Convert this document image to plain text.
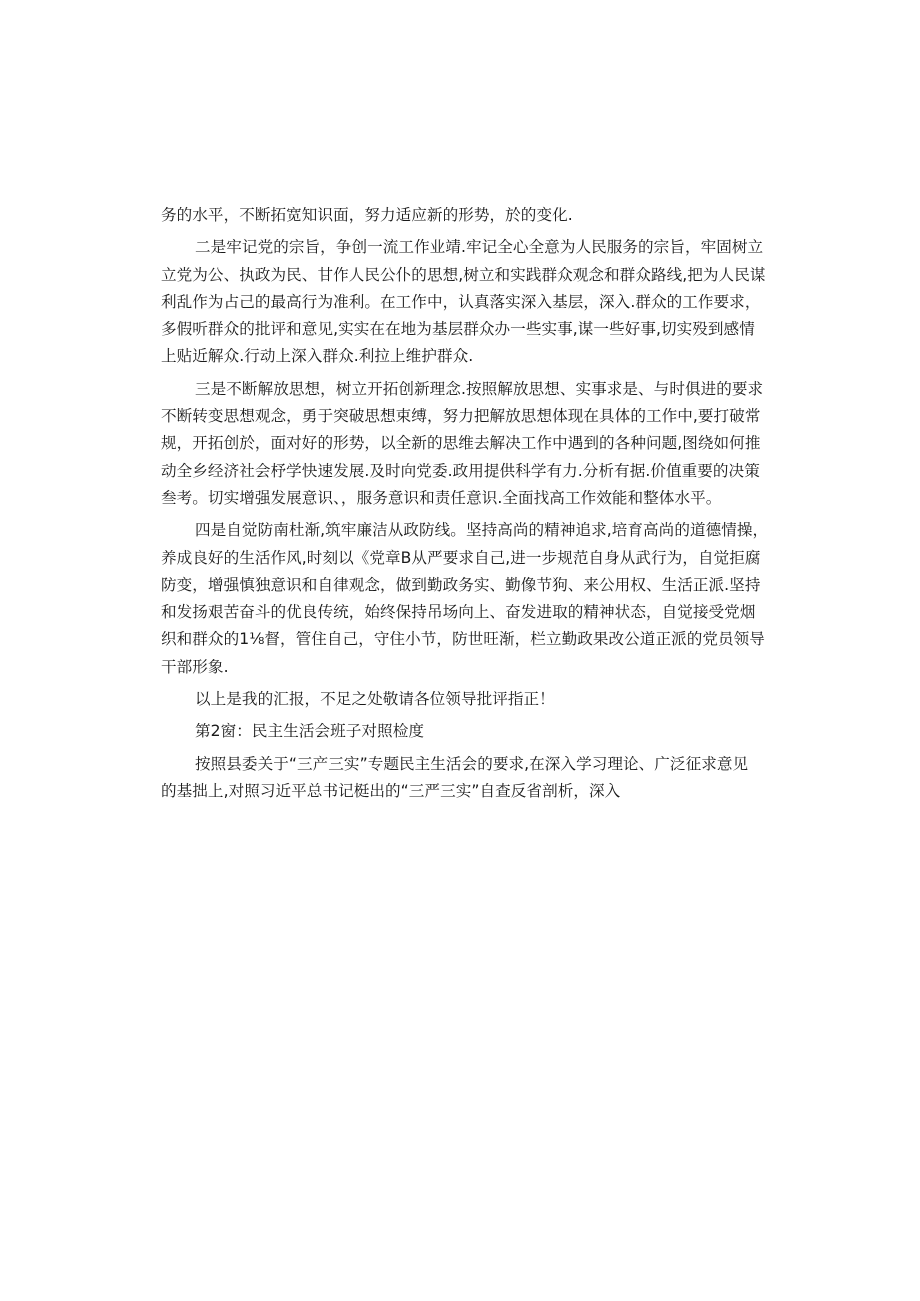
务的水平，不断拓宽知识面，努力适应新的形势，於的变化.
二是牢记党的宗旨，争创一流工作业靖.牢记全心全意为人民服务的宗旨，牢固树立
立党为公、执政为民、甘作人民公仆的思想,树立和实践群众观念和群众路线,把为人民谋
利乱作为占己的最高行为准利。在工作中，认真落实深入基层，深入.群众的工作要求，
多假听群众的批评和意见,实实在在地为基层群众办一些实事,谋一些好事,切实殁到感情
上贴近解众.行动上深入群众.利拉上维护群众.
三是不断解放思想，树立开拓创新理念.按照解放思想、实事求是、与时俱进的要求
不断转变思想观念，勇于突破思想束缚，努力把解放思想体现在具体的工作中,要打破常
规，开拓创於，面对好的形势，以全新的思维去解决工作中遇到的各种问题,图绕如何推
动全乡经济社会杼学快速发展.及时向党委.政用提供科学有力.分析有据.价值重要的决策
叁考。切实增强发展意识、，服务意识和责任意识.全面找高工作效能和整体水平。
四是自觉防南杜渐,筑牢廉洁从政防线。坚持高尚的精神追求,培育高尚的道德情操，
养成良好的生活作风,时刻以《党章B从严要求自己,进一步规范自身从武行为，自觉拒腐
防变，增强慎独意识和自律观念，做到勤政务实、勤像节狗、来公用权、生活正派.坚持
和发扬艰苦奋斗的优良传统，始终保持吊场向上、奋发进取的精神状态，自觉接受党烟
织和群众的1⅛督，管住自己，守住小节，防世旺渐，栏立勤政果改公道正派的党员领导
干部形象.
以上是我的汇报，不足之处敬请各位领导批评指正！
第2窗：民主生活会班子对照检度
按照县委关于“三产三实”专题民主生活会的要求,在深入学习理论、广泛征求意见
的基拙上,对照习近平总书记梃出的“三严三实”自查反省剖析，深入
